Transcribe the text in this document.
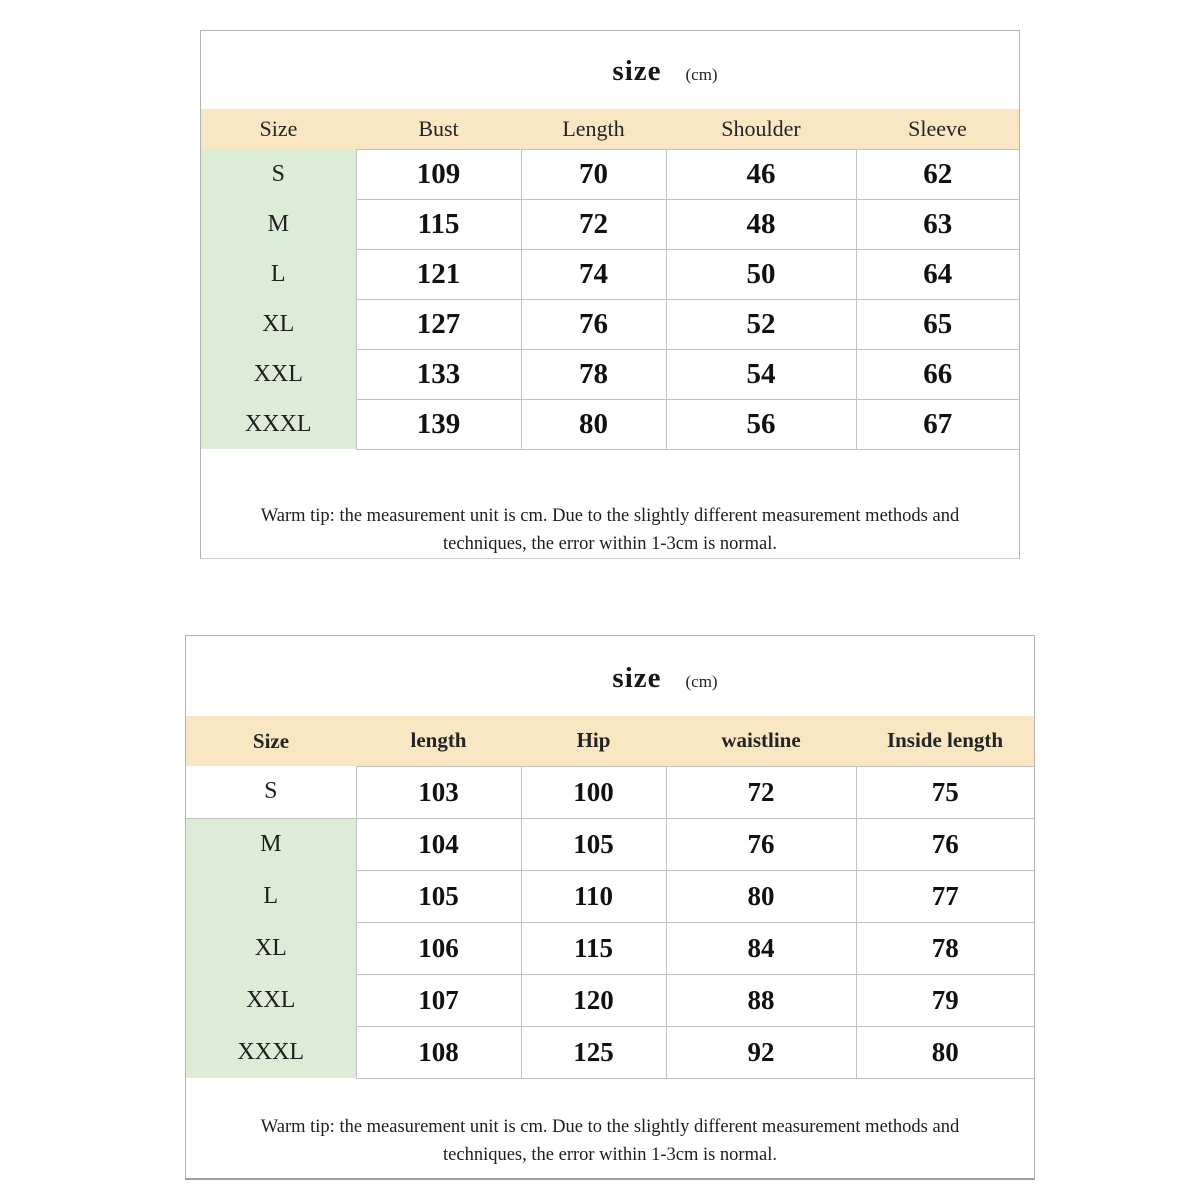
size (cm)
Size	Bust	Length	Shoulder	Sleeve
S	109	70	46	62
M	115	72	48	63
L	121	74	50	64
XL	127	76	52	65
XXL	133	78	54	66
XXXL	139	80	56	67
Warm tip: the measurement unit is cm. Due to the slightly different measurement methods and
techniques, the error within 1-3cm is normal.
size (cm)
Size	length	Hip	waistline	Inside length
S	103	100	72	75
M	104	105	76	76
L	105	110	80	77
XL	106	115	84	78
XXL	107	120	88	79
XXXL	108	125	92	80
Warm tip: the measurement unit is cm. Due to the slightly different measurement methods and
techniques, the error within 1-3cm is normal.
